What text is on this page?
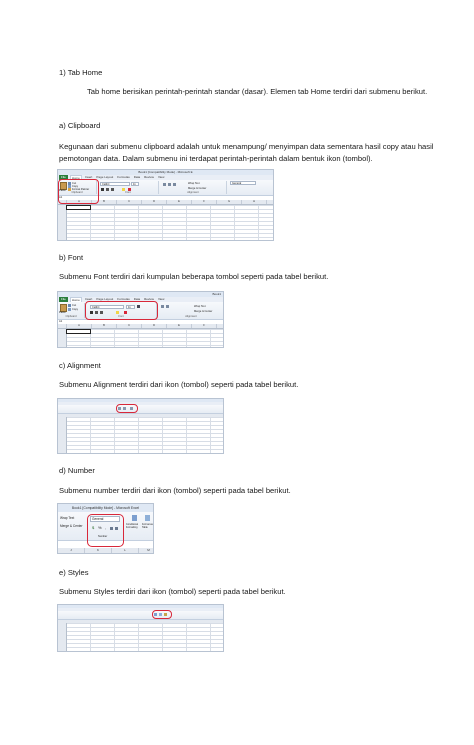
1) Tab Home
Tab home berisikan perintah-perintah standar (dasar). Elemen tab Home terdiri dari submenu berikut.
a) Clipboard
Kegunaan dari submenu clipboard adalah untuk menampung/ menyimpan data sementara hasil copy atau hasil pemotongan data. Dalam submenu ini terdapat perintah-perintah dalam bentuk ikon (tombol).
b) Font
Submenu Font terdiri dari kumpulan beberapa tombol seperti pada tabel berikut.
c) Alignment
Submenu Alignment terdiri dari ikon (tombol) seperti pada tabel berikut.
d) Number
Submenu number terdiri dari ikon (tombol) seperti pada tabel berikut.
e) Styles
Submenu Styles terdiri dari ikon (tombol) seperti pada tabel berikut.
Book1 [Compatibility Mode] - Microsoft E
File	Home	Insert	Page Layout	Formulas	Data	Review	View
Paste
Cut
Copy
Format Painter
Clipboard
Calibri	11
Font
Wrap Text
Merge & Center
Alignment
General
A1
A	B	C	D	E	F	G	H
Book1
File	Home	Insert	Page Layout	Formulas	Data	Review	View
Paste
Cut
Copy
Clipboard
Calibri	11
Font
Wrap Text
Merge & Center
Alignment
A1
A	B	C	D	E	F
Book1 [Compatibility Mode] - Microsoft Excel
Wrap Text
Merge & Center
General
$ % ,
Number
Conditional Formatting
Format as Table
J	K	L	M
